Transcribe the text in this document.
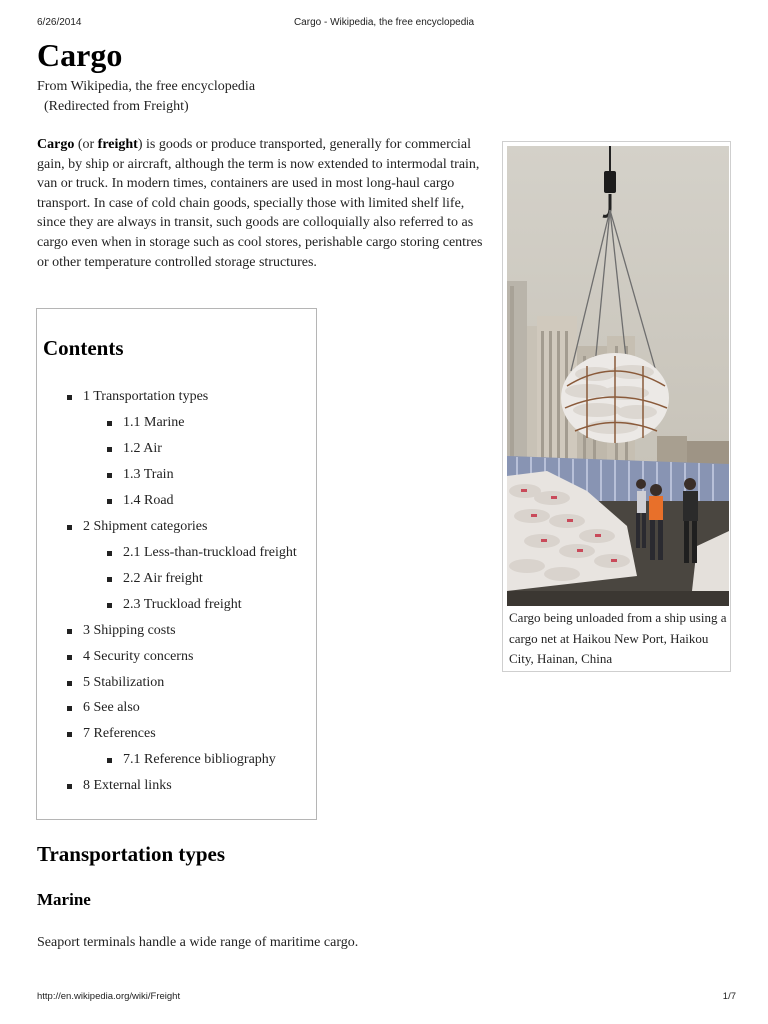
6/26/2014	Cargo - Wikipedia, the free encyclopedia
Cargo
From Wikipedia, the free encyclopedia
(Redirected from Freight)

Cargo (or freight) is goods or produce transported, generally for commercial gain, by ship or aircraft, although the term is now extended to intermodal train, van or truck. In modern times, containers are used in most long-haul cargo transport. In case of cold chain goods, specially those with limited shelf life, since they are always in transit, such goods are colloquially also referred to as cargo even when in storage such as cool stores, perishable cargo storing centres or other temperature controlled storage structures.

Cargo being unloaded from a ship using a cargo net at Haikou New Port, Haikou City, Hainan, China
Contents
1 Transportation types
1.1 Marine
1.2 Air
1.3 Train
1.4 Road
2 Shipment categories
2.1 Less-than-truckload freight
2.2 Air freight
2.3 Truckload freight
3 Shipping costs
4 Security concerns
5 Stabilization
6 See also
7 References
7.1 Reference bibliography
8 External links
Transportation types
Marine

Seaport terminals handle a wide range of maritime cargo.

http://en.wikipedia.org/wiki/Freight	1/7
